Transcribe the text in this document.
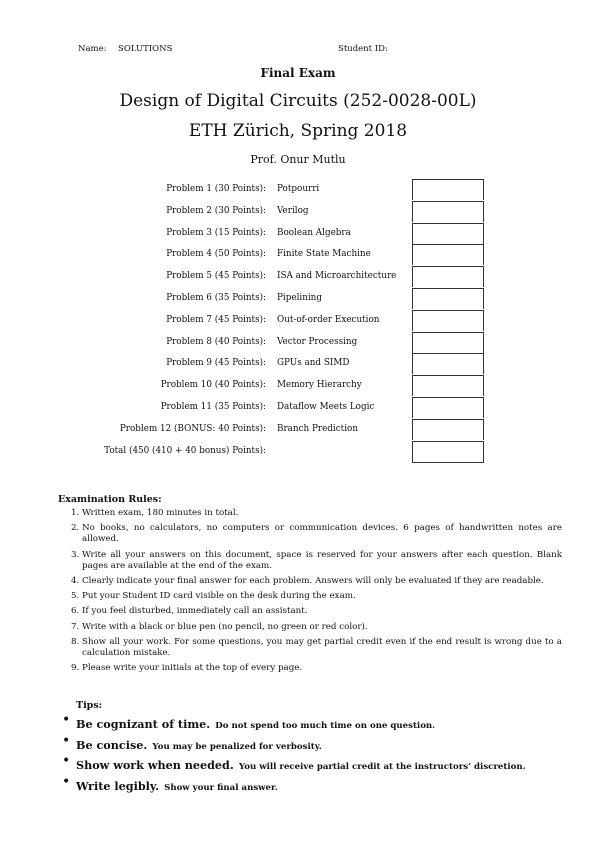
Name: SOLUTIONS	Student ID:
Final Exam
Design of Digital Circuits (252-0028-00L)
ETH Zürich, Spring 2018
Prof. Onur Mutlu
Problem 1 (30 Points): Potpourri
Problem 2 (30 Points): Verilog
Problem 3 (15 Points): Boolean Algebra
Problem 4 (50 Points): Finite State Machine
Problem 5 (45 Points): ISA and Microarchitecture
Problem 6 (35 Points): Pipelining
Problem 7 (45 Points): Out-of-order Execution
Problem 8 (40 Points): Vector Processing
Problem 9 (45 Points): GPUs and SIMD
Problem 10 (40 Points): Memory Hierarchy
Problem 11 (35 Points): Dataflow Meets Logic
Problem 12 (BONUS: 40 Points): Branch Prediction
Total (450 (410 + 40 bonus) Points):
Examination Rules:
1. Written exam, 180 minutes in total.
2. No books, no calculators, no computers or communication devices. 6 pages of handwritten notes are allowed.
3. Write all your answers on this document, space is reserved for your answers after each question. Blank pages are available at the end of the exam.
4. Clearly indicate your final answer for each problem. Answers will only be evaluated if they are readable.
5. Put your Student ID card visible on the desk during the exam.
6. If you feel disturbed, immediately call an assistant.
7. Write with a black or blue pen (no pencil, no green or red color).
8. Show all your work. For some questions, you may get partial credit even if the end result is wrong due to a calculation mistake.
9. Please write your initials at the top of every page.
Tips:
• Be cognizant of time. Do not spend too much time on one question.
• Be concise. You may be penalized for verbosity.
• Show work when needed. You will receive partial credit at the instructors’ discretion.
• Write legibly. Show your final answer.
